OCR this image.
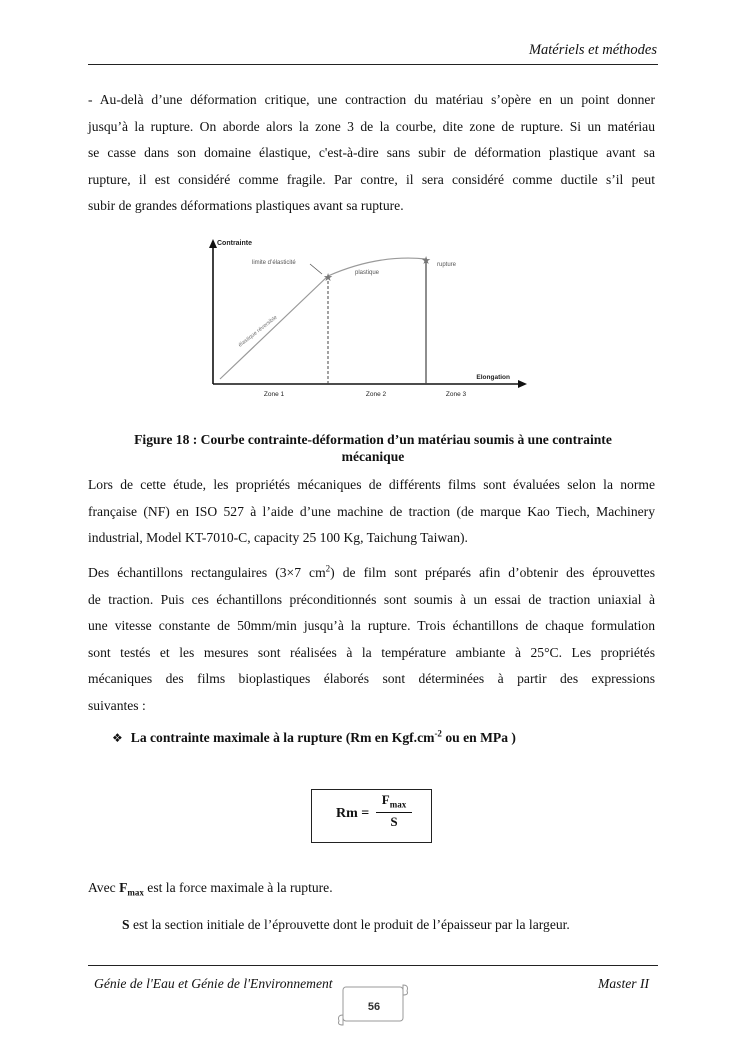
Matériels et méthodes
- Au-delà d’une déformation critique, une contraction du matériau s’opère en un point donner
jusqu’à la rupture. On aborde alors la zone 3 de la courbe, dite zone de rupture. Si un matériau
se casse dans son domaine élastique, c'est-à-dire sans subir de déformation plastique avant sa
rupture, il est considéré comme fragile. Par contre, il sera considéré comme ductile s’il peut
subir de grandes déformations plastiques avant sa rupture.
★
★
Contrainte
Elongation
limite d’élasticité
plastique
rupture
élastique réversible
Zone 1	Zone 2	Zone 3
Figure 18 : Courbe contrainte-déformation d’un matériau soumis à une contrainte
mécanique
Lors de cette étude, les propriétés mécaniques de différents films sont évaluées selon la norme
française (NF) en ISO 527 à l’aide d’une machine de traction (de marque Kao Tiech, Machinery
industrial, Model KT-7010-C, capacity 25 100 Kg, Taichung Taiwan).
Des échantillons rectangulaires (3×7 $cm^2$) de film sont préparés afin d’obtenir des éprouvettes
de traction. Puis ces échantillons préconditionnés sont soumis à un essai de traction uniaxial à
une vitesse constante de 50mm/min jusqu’à la rupture. Trois échantillons de chaque formulation
sont testés et les mesures sont réalisées à la température ambiante à 25°C. Les propriétés
mécaniques des films bioplastiques élaborés sont déterminées à partir des expressions
suivantes :
❖ La contrainte maximale à la rupture (Rm en $Kgf.cm^{-2}$ ou en MPa )
Rm =
$F_{max}$
S
Avec $F_{max}$ est la force maximale à la rupture.
S est la section initiale de l’éprouvette dont le produit de l’épaisseur par la largeur.
Génie de l'Eau et Génie de l'Environnement	Master II
56
